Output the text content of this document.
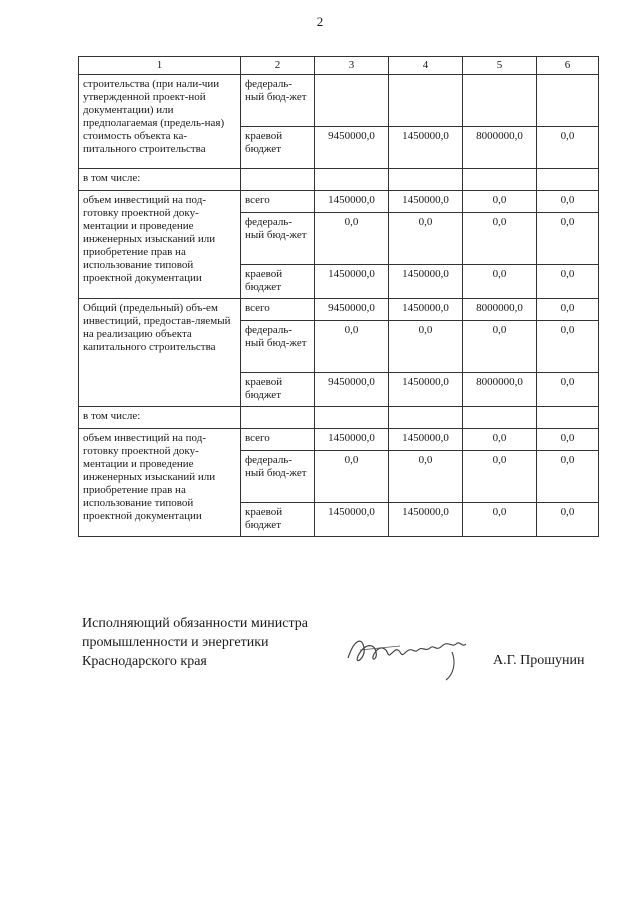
2
1	2	3	4	5	6
строительства (при нали-чии утвержденной проект-ной документации) или предполагаемая (предель-ная) стоимость объекта ка-питального строительства	федераль-ный бюд-жет				
	краевой бюджет	9450000,0	1450000,0	8000000,0	0,0
в том числе:					
объем инвестиций на под-готовку проектной доку-ментации и проведение инженерных изысканий или приобретение прав на использование типовой проектной документации	всего	1450000,0	1450000,0	0,0	0,0
	федераль-ный бюд-жет	0,0	0,0	0,0	0,0
	краевой бюджет	1450000,0	1450000,0	0,0	0,0
Общий (предельный) объ-ем инвестиций, предостав-ляемый на реализацию объекта капитального строительства	всего	9450000,0	1450000,0	8000000,0	0,0
	федераль-ный бюд-жет	0,0	0,0	0,0	0,0
	краевой бюджет	9450000,0	1450000,0	8000000,0	0,0
в том числе:					
объем инвестиций на под-готовку проектной доку-ментации и проведение инженерных изысканий или приобретение прав на использование типовой проектной документации	всего	1450000,0	1450000,0	0,0	0,0
	федераль-ный бюд-жет	0,0	0,0	0,0	0,0
	краевой бюджет	1450000,0	1450000,0	0,0	0,0
Исполняющий обязанности министра
промышленности и энергетики
Краснодарского края	А.Г. Прошунин
